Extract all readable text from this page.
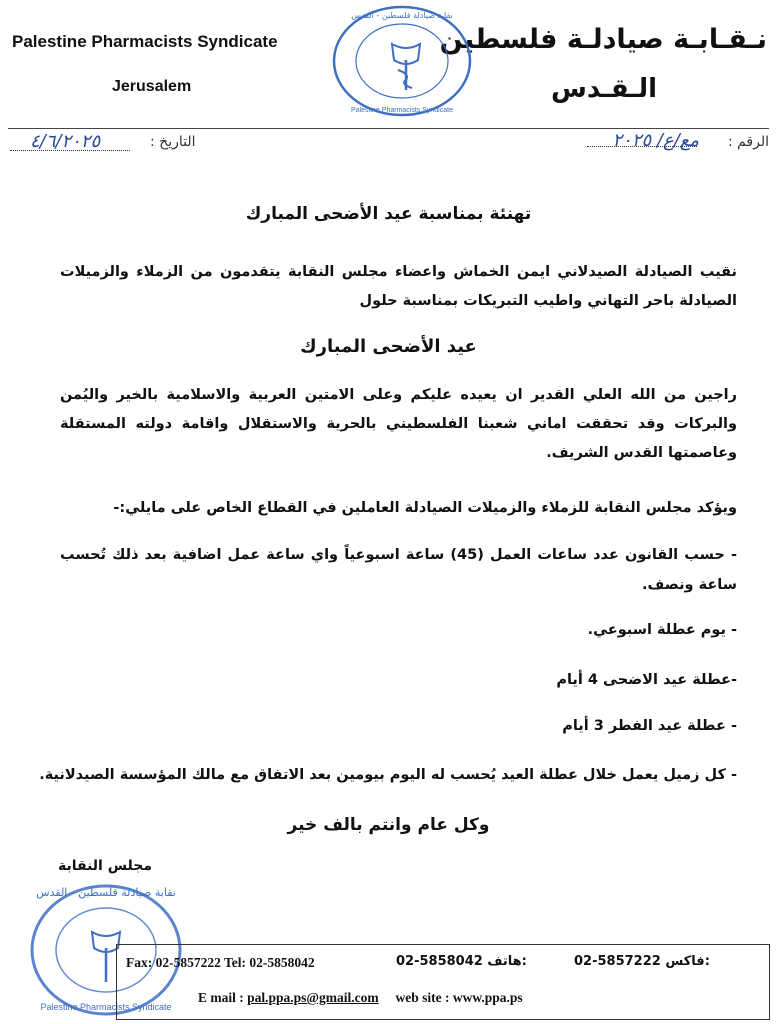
Palestine Pharmacists Syndicate
Jerusalem
نـقـابـة صيادلـة فلسطين
الـقـدس
نقابة صيادلة فلسطين - القدس
Palestine Pharmacists Syndicate
الرقم :
مع/ع/ ٢٠٢٥
التاريخ :
٤/٦/٢٠٢٥
تهنئة بمناسبة عيد الأضحى المبارك
نقيب الصيادلة الصيدلاني ايمن الخماش واعضاء مجلس النقابة يتقدمون من الزملاء والزميلات الصيادلة باحر التهاني واطيب التبريكات بمناسبة حلول
عيد الأضحى المبارك
راجين من الله العلي القدير ان يعيده عليكم وعلى الامتين العربية والاسلامية بالخير واليُمن والبركات وقد تحققت اماني شعبنا الفلسطيني بالحرية والاستقلال واقامة دولته المستقلة وعاصمتها القدس الشريف.
ويؤكد مجلس النقابة للزملاء والزميلات الصيادلة العاملين في القطاع الخاص على مايلي:-
- حسب القانون عدد ساعات العمل (45) ساعة اسبوعياً واي ساعة عمل اضافية بعد ذلك تُحسب ساعة ونصف.
- يوم عطلة اسبوعي.
-عطلة عيد الاضحى 4 أيام
- عطلة عيد الفطر 3 أيام
- كل زميل يعمل خلال عطلة العيد يُحسب له اليوم بيومين بعد الاتفاق مع مالك المؤسسة الصيدلانية.
وكل عام وانتم بالف خير
مجلس النقابة
نقابة صيادلة فلسطين - القدس
Palestine Pharmacists Syndicate
Fax: 02-5857222 Tel: 02-5858042	02-5858042 هاتف:	02-5857222 فاكس:
E mail : pal.ppa.ps@gmail.com     web site : www.ppa.ps
